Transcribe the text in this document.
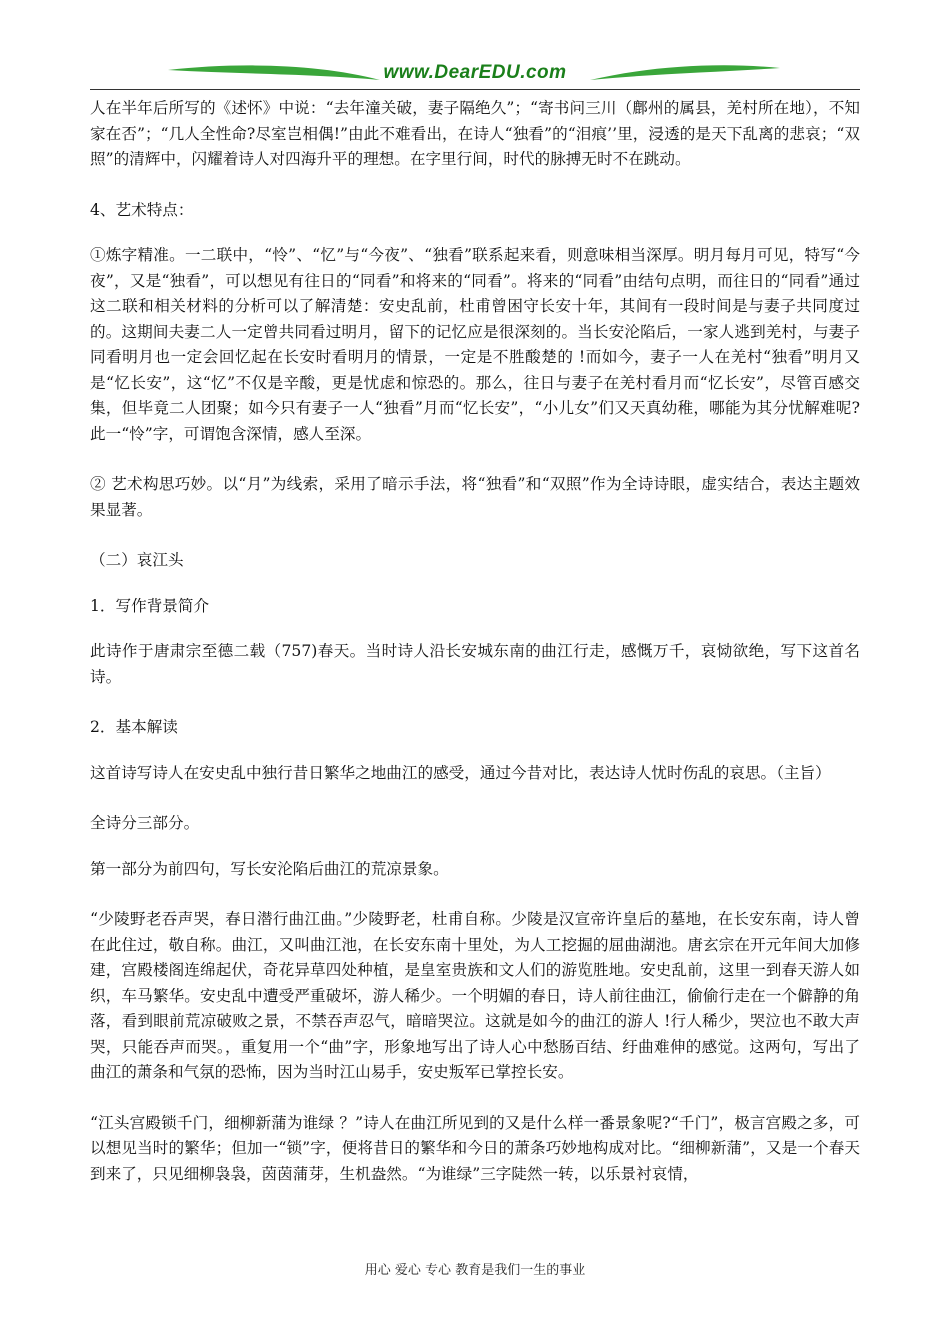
www.DearEDU.com

人在半年后所写的《述怀》中说：“去年潼关破，妻子隔绝久”；“寄书问三川（鄜州的属县，羌村所在地），不知家在否”；“几人全性命?尽室岂相偶!”由此不难看出，在诗人“独看”的“泪痕’’里，浸透的是天下乱离的悲哀；“双照”的清辉中，闪耀着诗人对四海升平的理想。在字里行间，时代的脉搏无时不在跳动。

4、艺术特点：

①炼字精准。一二联中，“怜”、“忆”与“今夜”、“独看”联系起来看，则意味相当深厚。明月每月可见，特写“今夜”，又是“独看”，可以想见有往日的“同看”和将来的“同看”。将来的“同看”由结句点明，而往日的“同看”通过这二联和相关材料的分析可以了解清楚：安史乱前，杜甫曾困守长安十年，其间有一段时间是与妻子共同度过的。这期间夫妻二人一定曾共同看过明月，留下的记忆应是很深刻的。当长安沦陷后，一家人逃到羌村，与妻子同看明月也一定会回忆起在长安时看明月的情景，一定是不胜酸楚的 !而如今，妻子一人在羌村“独看”明月又是“忆长安”，这“忆”不仅是辛酸，更是忧虑和惊恐的。那么，往日与妻子在羌村看月而“忆长安”，尽管百感交集，但毕竟二人团聚；如今只有妻子一人“独看”月而“忆长安”，“小儿女”们又天真幼稚，哪能为其分忧解难呢?此一“怜”字，可谓饱含深情，感人至深。

② 艺术构思巧妙。以“月”为线索，采用了暗示手法，将“独看”和“双照”作为全诗诗眼，虚实结合，表达主题效果显著。

（二）哀江头

1．写作背景简介

此诗作于唐肃宗至德二载（757)春天。当时诗人沿长安城东南的曲江行走，感慨万千，哀恸欲绝，写下这首名诗。

2．基本解读

这首诗写诗人在安史乱中独行昔日繁华之地曲江的感受，通过今昔对比，表达诗人忧时伤乱的哀思。（主旨）

全诗分三部分。

第一部分为前四句，写长安沦陷后曲江的荒凉景象。

“少陵野老吞声哭，春日潜行曲江曲。”少陵野老，杜甫自称。少陵是汉宣帝许皇后的墓地，在长安东南，诗人曾在此住过，敬自称。曲江，又叫曲江池，在长安东南十里处，为人工挖掘的屈曲湖池。唐玄宗在开元年间大加修建，宫殿楼阁连绵起伏，奇花异草四处种植，是皇室贵族和文人们的游览胜地。安史乱前，这里一到春天游人如织，车马繁华。安史乱中遭受严重破坏，游人稀少。一个明媚的春日，诗人前往曲江，偷偷行走在一个僻静的角落，看到眼前荒凉破败之景，不禁吞声忍气，暗暗哭泣。这就是如今的曲江的游人 !行人稀少，哭泣也不敢大声哭，只能吞声而哭。，重复用一个“曲”字，形象地写出了诗人心中愁肠百结、纡曲难伸的感觉。这两句，写出了曲江的萧条和气氛的恐怖，因为当时江山易手，安史叛军已掌控长安。

“江头宫殿锁千门，细柳新蒲为谁绿 ？”诗人在曲江所见到的又是什么样一番景象呢?“千门”，极言宫殿之多，可以想见当时的繁华；但加一“锁”字，便将昔日的繁华和今日的萧条巧妙地构成对比。“细柳新蒲”，又是一个春天到来了，只见细柳袅袅，茵茵蒲芽，生机盎然。“为谁绿”三字陡然一转，以乐景衬哀情，

用心 爱心 专心 教育是我们一生的事业
